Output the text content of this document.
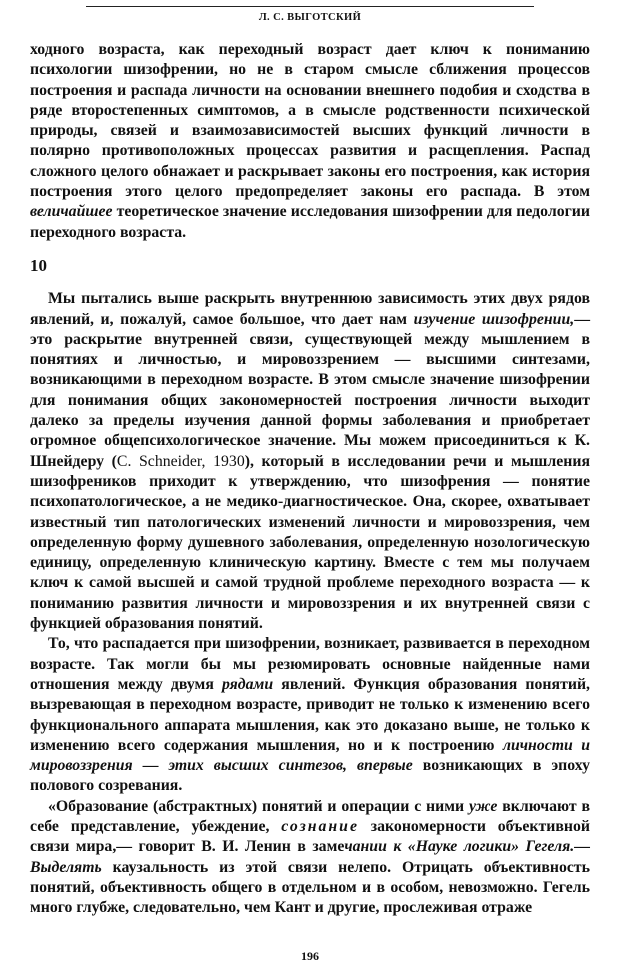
Л. С. ВЫГОТСКИЙ

ходного возраста, как переходный возраст дает ключ к пониманию психологии шизофрении, но не в старом смысле сближения процессов построения и распада личности на основании внешнего подобия и сходства в ряде второстепенных симптомов, а в смысле родственности психической природы, связей и взаимозависимостей высших функций личности в полярно противоположных процессах развития и расщепления. Распад сложного целого обнажает и раскрывает законы его построения, как история построения этого целого предопределяет законы его распада. В этом величайшее теоретическое значение исследования шизофрении для педологии переходного возраста.

10

Мы пытались выше раскрыть внутреннюю зависимость этих двух рядов явлений, и, пожалуй, самое большое, что дает нам изучение шизофрении,— это раскрытие внутренней связи, существующей между мышлением в понятиях и личностью, и мировоззрением — высшими синтезами, возникающими в переходном возрасте. В этом смысле значение шизофрении для понимания общих закономерностей построения личности выходит далеко за пределы изучения данной формы заболевания и приобретает огромное общепсихологическое значение. Мы можем присоединиться к К. Шнейдеру (C. Schneider, 1930), который в исследовании речи и мышления шизофреников приходит к утверждению, что шизофрения — понятие психопатологическое, а не медико-диагностическое. Она, скорее, охватывает известный тип патологических изменений личности и мировоззрения, чем определенную форму душевного заболевания, определенную нозологическую единицу, определенную клиническую картину. Вместе с тем мы получаем ключ к самой высшей и самой трудной проблеме переходного возраста — к пониманию развития личности и мировоззрения и их внутренней связи с функцией образования понятий.

То, что распадается при шизофрении, возникает, развивается в переходном возрасте. Так могли бы мы резюмировать основные найденные нами отношения между двумя рядами явлений. Функция образования понятий, вызревающая в переходном возрасте, приводит не только к изменению всего функционального аппарата мышления, как это доказано выше, не только к изменению всего содержания мышления, но и к построению личности и мировоззрения — этих высших синтезов, впервые возникающих в эпоху полового созревания.

«Образование (абстрактных) понятий и операции с ними уже включают в себе представление, убеждение, сознание закономерности объективной связи мира,— говорит В. И. Ленин в замечании к «Науке логики» Гегеля.— Выделять каузальность из этой связи нелепо. Отрицать объективность понятий, объективность общего в отдельном и в особом, невозможно. Гегель много глубже, следовательно, чем Кант и другие, прослеживая отраже

196
